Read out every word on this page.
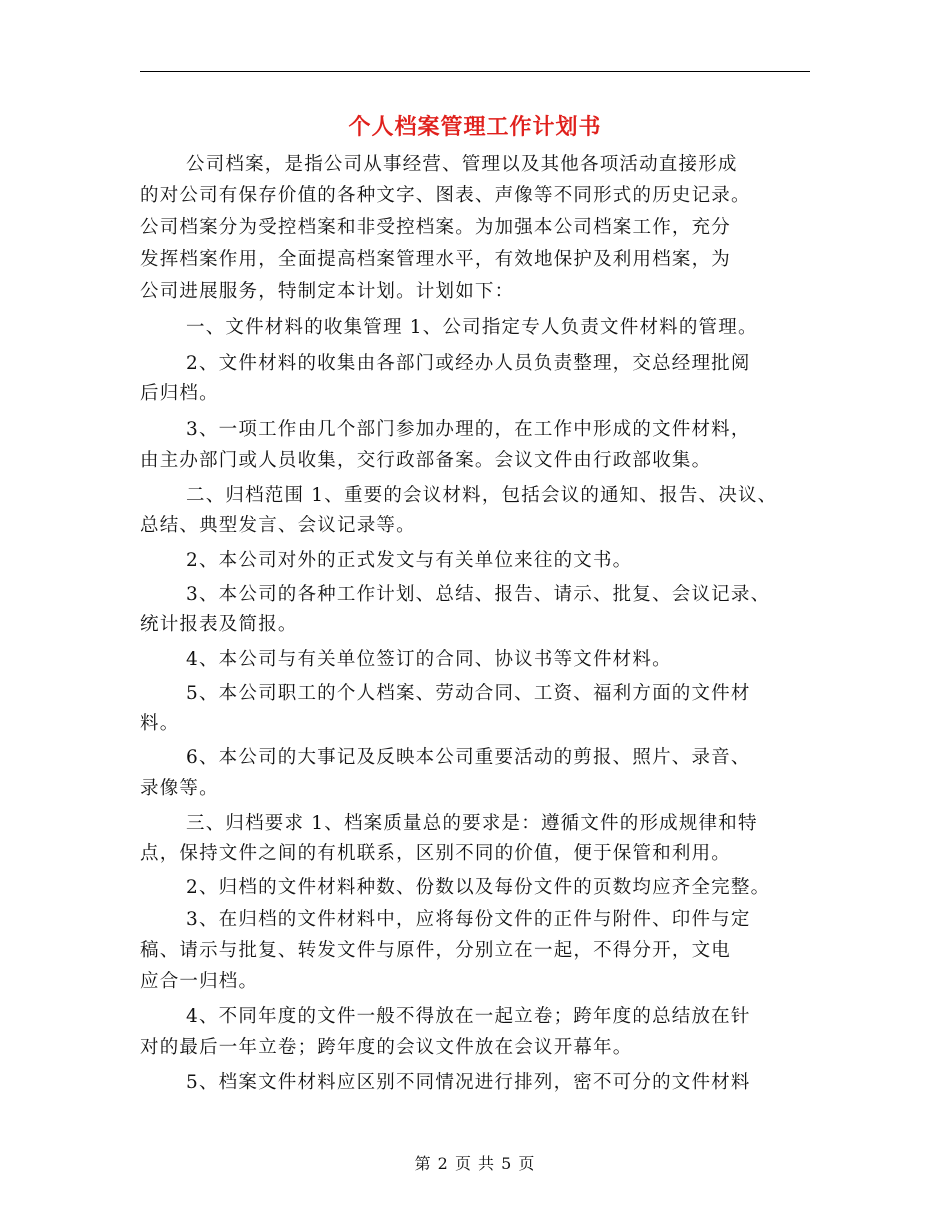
个人档案管理工作计划书
公司档案，是指公司从事经营、管理以及其他各项活动直接形成
的对公司有保存价值的各种文字、图表、声像等不同形式的历史记录。
公司档案分为受控档案和非受控档案。为加强本公司档案工作，充分
发挥档案作用，全面提高档案管理水平，有效地保护及利用档案，为
公司进展服务，特制定本计划。计划如下：
一、文件材料的收集管理 1、公司指定专人负责文件材料的管理。
2、文件材料的收集由各部门或经办人员负责整理，交总经理批阅
后归档。
3、一项工作由几个部门参加办理的，在工作中形成的文件材料，
由主办部门或人员收集，交行政部备案。会议文件由行政部收集。
二、归档范围 1、重要的会议材料，包括会议的通知、报告、决议、
总结、典型发言、会议记录等。
2、本公司对外的正式发文与有关单位来往的文书。
3、本公司的各种工作计划、总结、报告、请示、批复、会议记录、
统计报表及简报。
4、本公司与有关单位签订的合同、协议书等文件材料。
5、本公司职工的个人档案、劳动合同、工资、福利方面的文件材
料。
6、本公司的大事记及反映本公司重要活动的剪报、照片、录音、
录像等。
三、归档要求 1、档案质量总的要求是：遵循文件的形成规律和特
点，保持文件之间的有机联系，区别不同的价值，便于保管和利用。
2、归档的文件材料种数、份数以及每份文件的页数均应齐全完整。
3、在归档的文件材料中，应将每份文件的正件与附件、印件与定
稿、请示与批复、转发文件与原件，分别立在一起，不得分开，文电
应合一归档。
4、不同年度的文件一般不得放在一起立卷；跨年度的总结放在针
对的最后一年立卷；跨年度的会议文件放在会议开幕年。
5、档案文件材料应区别不同情况进行排列，密不可分的文件材料
第 2 页 共 5 页
